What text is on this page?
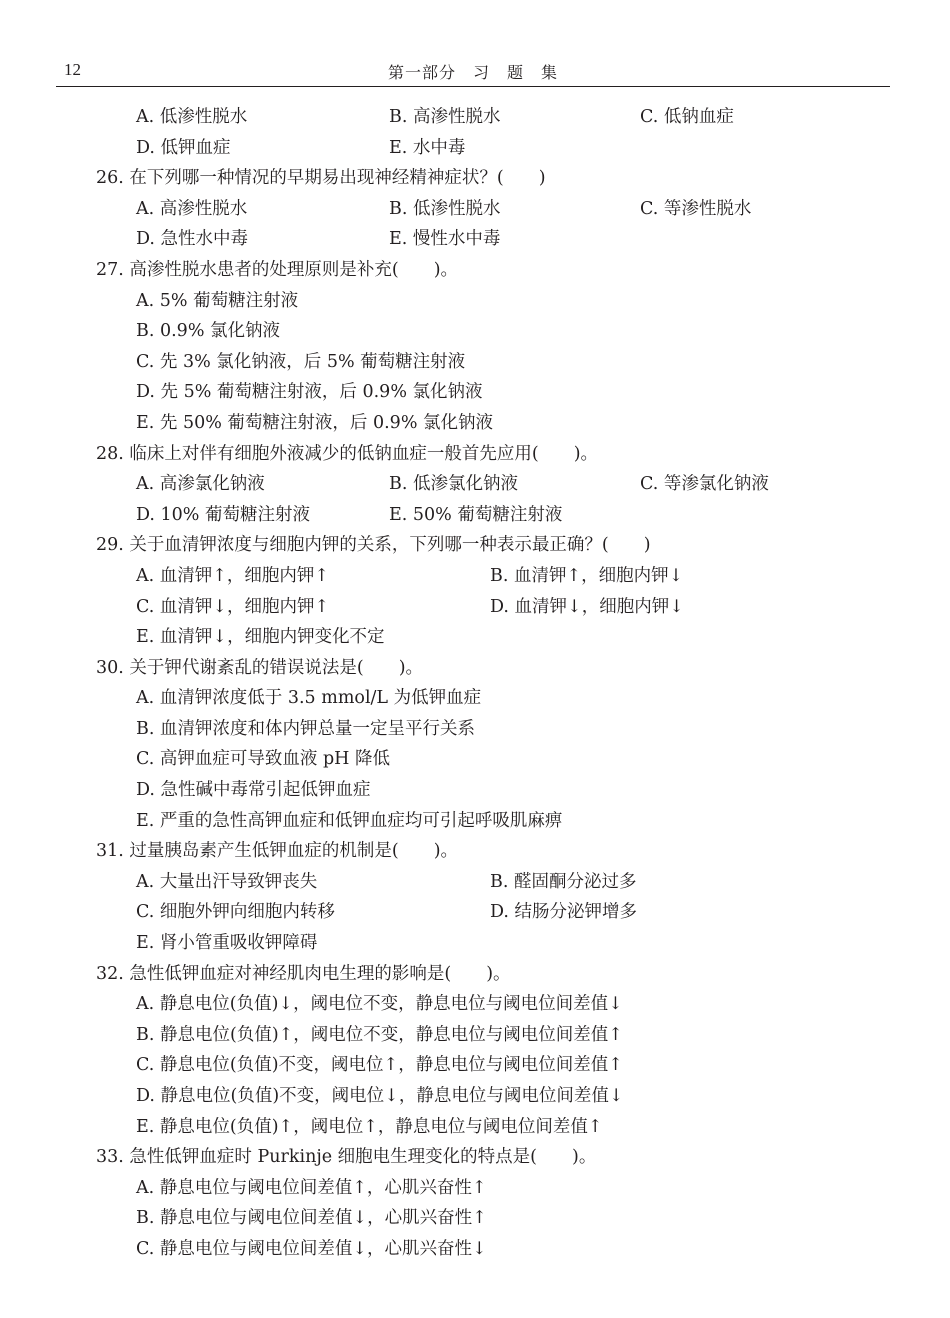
12	第一部分　习　题　集
A. 低渗性脱水	B. 高渗性脱水	C. 低钠血症
D. 低钾血症	E. 水中毒
26. 在下列哪一种情况的早期易出现神经精神症状？(　　)
A. 高渗性脱水	B. 低渗性脱水	C. 等渗性脱水
D. 急性水中毒	E. 慢性水中毒
27. 高渗性脱水患者的处理原则是补充(　　)。
A. 5% 葡萄糖注射液
B. 0.9% 氯化钠液
C. 先 3% 氯化钠液，后 5% 葡萄糖注射液
D. 先 5% 葡萄糖注射液，后 0.9% 氯化钠液
E. 先 50% 葡萄糖注射液，后 0.9% 氯化钠液
28. 临床上对伴有细胞外液减少的低钠血症一般首先应用(　　)。
A. 高渗氯化钠液	B. 低渗氯化钠液	C. 等渗氯化钠液
D. 10% 葡萄糖注射液	E. 50% 葡萄糖注射液
29. 关于血清钾浓度与细胞内钾的关系，下列哪一种表示最正确？(　　)
A. 血清钾↑，细胞内钾↑	B. 血清钾↑，细胞内钾↓
C. 血清钾↓，细胞内钾↑	D. 血清钾↓，细胞内钾↓
E. 血清钾↓，细胞内钾变化不定
30. 关于钾代谢紊乱的错误说法是(　　)。
A. 血清钾浓度低于 3.5 mmol/L 为低钾血症
B. 血清钾浓度和体内钾总量一定呈平行关系
C. 高钾血症可导致血液 pH 降低
D. 急性碱中毒常引起低钾血症
E. 严重的急性高钾血症和低钾血症均可引起呼吸肌麻痹
31. 过量胰岛素产生低钾血症的机制是(　　)。
A. 大量出汗导致钾丧失	B. 醛固酮分泌过多
C. 细胞外钾向细胞内转移	D. 结肠分泌钾增多
E. 肾小管重吸收钾障碍
32. 急性低钾血症对神经肌肉电生理的影响是(　　)。
A. 静息电位(负值)↓，阈电位不变，静息电位与阈电位间差值↓
B. 静息电位(负值)↑，阈电位不变，静息电位与阈电位间差值↑
C. 静息电位(负值)不变，阈电位↑，静息电位与阈电位间差值↑
D. 静息电位(负值)不变，阈电位↓，静息电位与阈电位间差值↓
E. 静息电位(负值)↑，阈电位↑，静息电位与阈电位间差值↑
33. 急性低钾血症时 Purkinje 细胞电生理变化的特点是(　　)。
A. 静息电位与阈电位间差值↑，心肌兴奋性↑
B. 静息电位与阈电位间差值↓，心肌兴奋性↑
C. 静息电位与阈电位间差值↓，心肌兴奋性↓
